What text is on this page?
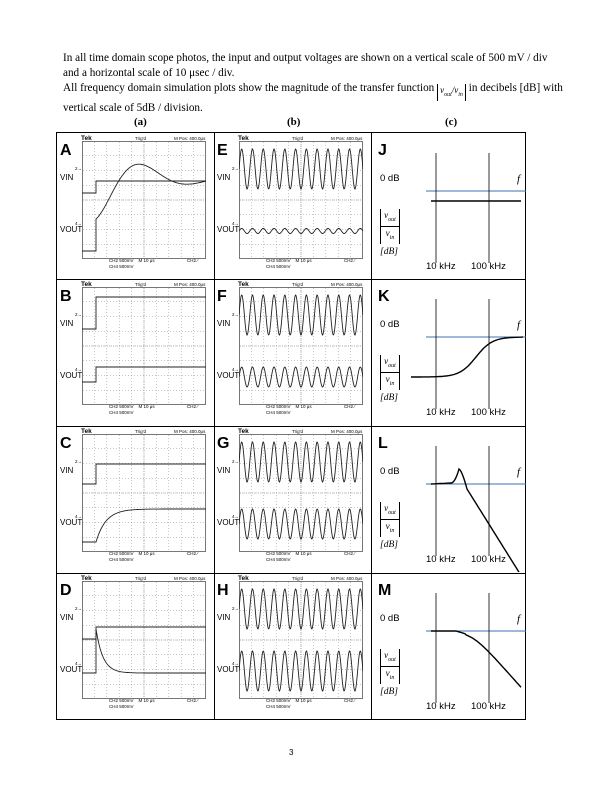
In all time domain scope photos, the input and output voltages are shown on a vertical scale of 500 mV / div and a horizontal scale of 10 μsec / div.

All frequency domain simulation plots show the magnitude of the transfer function $v_{out}/v_{in}$ in decibels [dB] with vertical scale of 5dB / division.

(a)	(b)	(c)
A
Tek	Trig'd	M Pos: 400.0μs
VIN
VOUT
CH2 500mV M 10 μs
CH4 500mV
CH2 ∕
2→
4→
E
Tek	Trig'd	M Pos: 400.0μs
VIN
VOUT
CH2 500mV M 10 μs
CH4 500mV
CH2 ∕
2→
4→
J
0 dB	f
$v_{out}$
$v_{in}$
[dB]
10 kHz 100 kHz
B
Tek	Trig'd	M Pos: 400.0μs
VIN
VOUT
CH2 500mV M 10 μs
CH4 500mV
CH2 ∕
2→
4→
F
Tek	Trig'd	M Pos: 400.0μs
VIN
VOUT
CH2 500mV M 10 μs
CH4 500mV
CH2 ∕
2→
4→
K
0 dB	f
$v_{out}$
$v_{in}$
[dB]
10 kHz 100 kHz
C
Tek	Trig'd	M Pos: 400.0μs
VIN
VOUT
CH2 500mV M 10 μs
CH4 500mV
CH2 ∕
2→
4→
G
Tek	Trig'd	M Pos: 400.0μs
VIN
VOUT
CH2 500mV M 10 μs
CH4 500mV
CH2 ∕
2→
4→
L
0 dB	f
$v_{out}$
$v_{in}$
[dB]
10 kHz 100 kHz
D
Tek	Trig'd	M Pos: 400.0μs
VIN
VOUT
CH2 500mV M 10 μs
CH4 500mV
CH2 ∕
2→
4→
H
Tek	Trig'd	M Pos: 400.0μs
VIN
VOUT
CH2 500mV M 10 μs
CH4 500mV
CH2 ∕
2→
4→
M
0 dB	f
$v_{out}$
$v_{in}$
[dB]
10 kHz 100 kHz
3
